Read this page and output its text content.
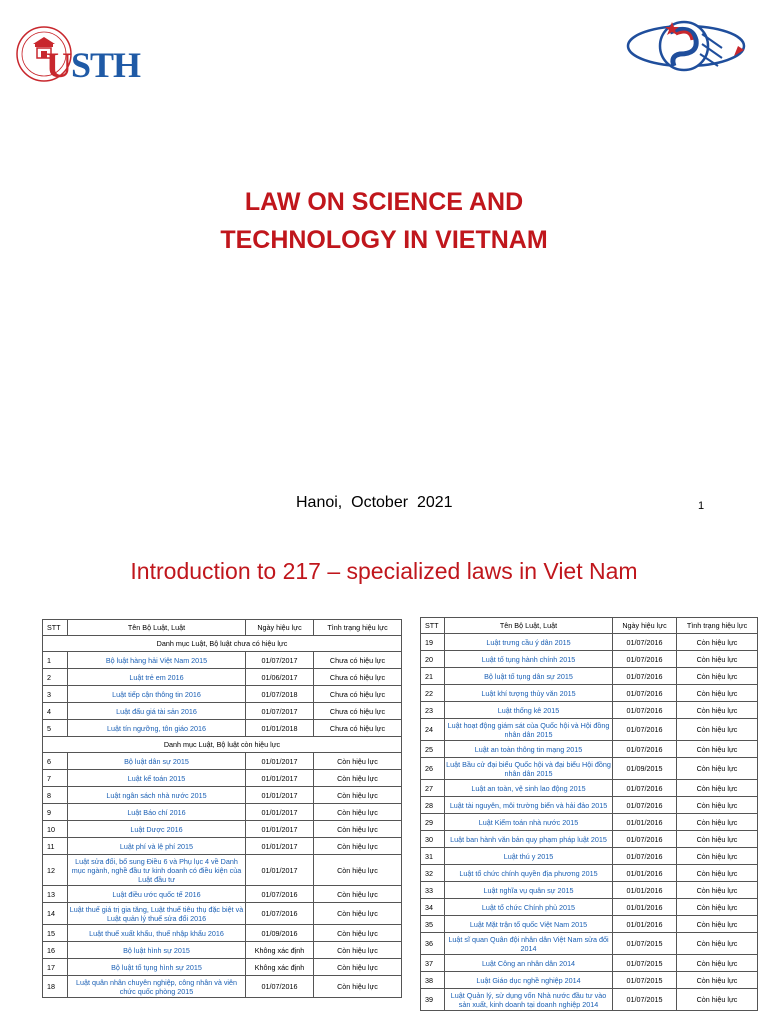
USTH
LAW ON SCIENCE AND
TECHNOLOGY IN VIETNAM
Hanoi,  October  2021	1
Introduction to 217 – specialized laws in Viet Nam
STT	Tên Bộ Luật, Luật	Ngày hiệu lực	Tình trạng hiệu lực
Danh mục Luật, Bộ luật chưa có hiệu lực			
1	Bộ luật hàng hải Việt Nam 2015	01/07/2017	Chưa có hiệu lực
2	Luật trẻ em 2016	01/06/2017	Chưa có hiệu lực
3	Luật tiếp cận thông tin 2016	01/07/2018	Chưa có hiệu lực
4	Luật đấu giá tài sản 2016	01/07/2017	Chưa có hiệu lực
5	Luật tín ngưỡng, tôn giáo 2016	01/01/2018	Chưa có hiệu lực
Danh mục Luật, Bộ luật còn hiệu lực			
6	Bộ luật dân sự 2015	01/01/2017	Còn hiệu lực
7	Luật kế toán 2015	01/01/2017	Còn hiệu lực
8	Luật ngân sách nhà nước 2015	01/01/2017	Còn hiệu lực
9	Luật Báo chí 2016	01/01/2017	Còn hiệu lực
10	Luật Dược 2016	01/01/2017	Còn hiệu lực
11	Luật phí và lệ phí 2015	01/01/2017	Còn hiệu lực
12	Luật sửa đổi, bổ sung Điều 6 và Phụ lục 4 về Danh mục ngành, nghề đầu tư kinh doanh có điều kiện của Luật đầu tư	01/01/2017	Còn hiệu lực
13	Luật điều ước quốc tế 2016	01/07/2016	Còn hiệu lực
14	Luật thuế giá trị gia tăng, Luật thuế tiêu thụ đặc biệt và Luật quản lý thuế sửa đổi 2016	01/07/2016	Còn hiệu lực
15	Luật thuế xuất khẩu, thuế nhập khẩu 2016	01/09/2016	Còn hiệu lực
16	Bộ luật hình sự 2015	Không xác định	Còn hiệu lực
17	Bộ luật tố tụng hình sự 2015	Không xác định	Còn hiệu lực
18	Luật quân nhân chuyên nghiệp, công nhân và viên chức quốc phòng 2015	01/07/2016	Còn hiệu lực
STT	Tên Bộ Luật, Luật	Ngày hiệu lực	Tình trạng hiệu lực
19	Luật trưng cầu ý dân 2015	01/07/2016	Còn hiệu lực
20	Luật tố tụng hành chính 2015	01/07/2016	Còn hiệu lực
21	Bộ luật tố tụng dân sự 2015	01/07/2016	Còn hiệu lực
22	Luật khí tượng thủy văn 2015	01/07/2016	Còn hiệu lực
23	Luật thống kê 2015	01/07/2016	Còn hiệu lực
24	Luật hoạt động giám sát của Quốc hội và Hội đồng nhân dân 2015	01/07/2016	Còn hiệu lực
25	Luật an toàn thông tin mạng 2015	01/07/2016	Còn hiệu lực
26	Luật Bầu cử đại biểu Quốc hội và đại biểu Hội đồng nhân dân 2015	01/09/2015	Còn hiệu lực
27	Luật an toàn, vệ sinh lao động 2015	01/07/2016	Còn hiệu lực
28	Luật tài nguyên, môi trường biển và hải đảo 2015	01/07/2016	Còn hiệu lực
29	Luật Kiểm toán nhà nước 2015	01/01/2016	Còn hiệu lực
30	Luật ban hành văn bản quy phạm pháp luật 2015	01/07/2016	Còn hiệu lực
31	Luật thú y 2015	01/07/2016	Còn hiệu lực
32	Luật tổ chức chính quyền địa phương 2015	01/01/2016	Còn hiệu lực
33	Luật nghĩa vụ quân sự 2015	01/01/2016	Còn hiệu lực
34	Luật tổ chức Chính phủ 2015	01/01/2016	Còn hiệu lực
35	Luật Mặt trận tổ quốc Việt Nam 2015	01/01/2016	Còn hiệu lực
36	Luật sĩ quan Quân đội nhân dân Việt Nam sửa đổi 2014	01/07/2015	Còn hiệu lực
37	Luật Công an nhân dân 2014	01/07/2015	Còn hiệu lực
38	Luật Giáo dục nghề nghiệp 2014	01/07/2015	Còn hiệu lực
39	Luật Quản lý, sử dụng vốn Nhà nước đầu tư vào sản xuất, kinh doanh tại doanh nghiệp 2014	01/07/2015	Còn hiệu lực
